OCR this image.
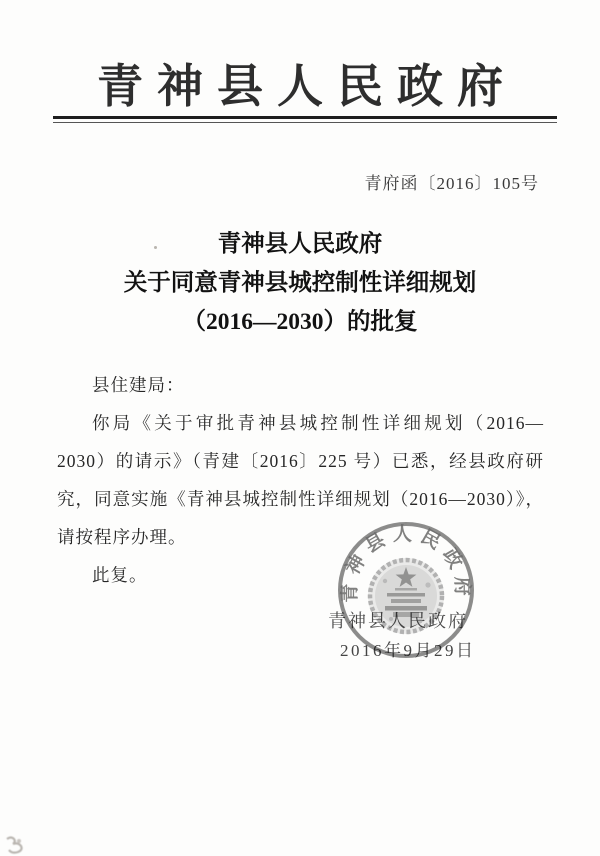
青神县人民政府
青府函〔2016〕105号
青神县人民政府
关于同意青神县城控制性详细规划
（2016—2030）的批复

县住建局：

你局《关于审批青神县城控制性详细规划（2016—2030）的请示》（青建〔2016〕225 号）已悉，经县政府研究，同意实施《青神县城控制性详细规划（2016—2030）》，请按程序办理。

此复。

青神县人民政府
2016年9月29日
青神县人民政府
